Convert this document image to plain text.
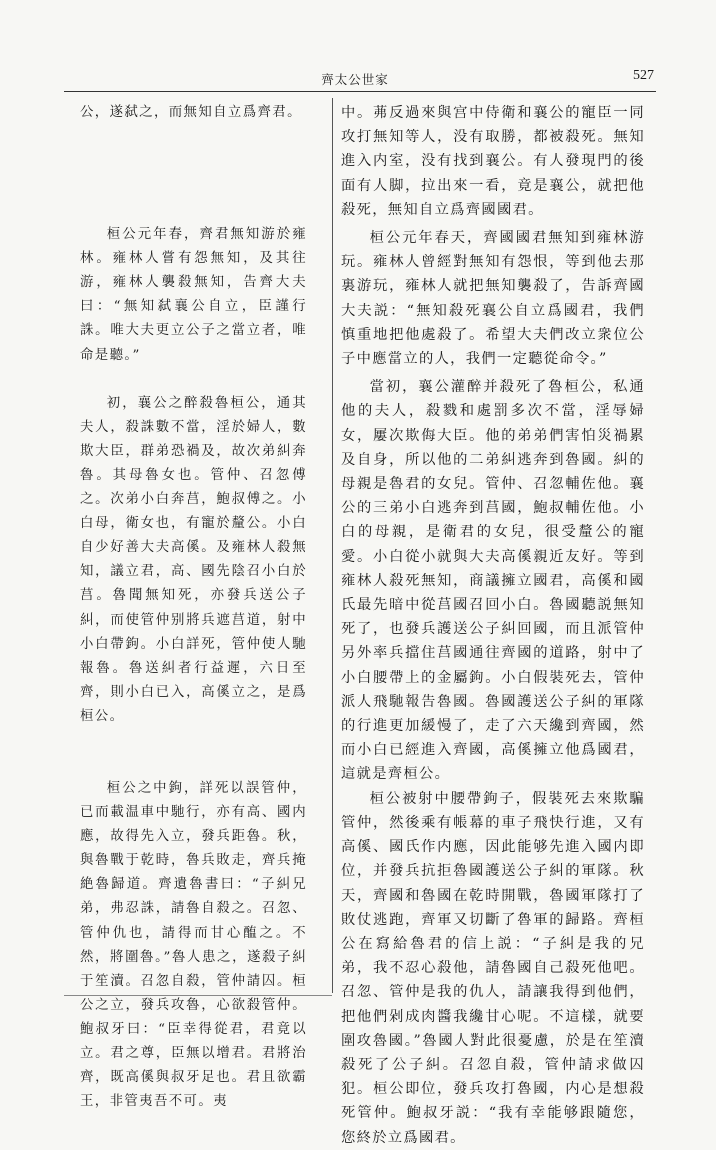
齊太公世家	527

公，遂弑之，而無知自立爲齊君。

桓公元年春，齊君無知游於雍林。雍林人嘗有怨無知，及其往游，雍林人襲殺無知，告齊大夫曰：“無知弑襄公自立，臣謹行誅。唯大夫更立公子之當立者，唯命是聽。”

初，襄公之醉殺魯桓公，通其夫人，殺誅數不當，淫於婦人，數欺大臣，群弟恐禍及，故次弟糾奔魯。其母魯女也。管仲、召忽傅之。次弟小白奔莒，鮑叔傅之。小白母，衛女也，有寵於釐公。小白自少好善大夫高傒。及雍林人殺無知，議立君，高、國先陰召小白於莒。魯聞無知死，亦發兵送公子糾，而使管仲别將兵遮莒道，射中小白帶鉤。小白詳死，管仲使人馳報魯。魯送糾者行益遲，六日至齊，則小白已入，高傒立之，是爲桓公。

桓公之中鉤，詳死以誤管仲，已而載温車中馳行，亦有高、國内應，故得先入立，發兵距魯。秋，與魯戰于乾時，魯兵敗走，齊兵掩絶魯歸道。齊遺魯書曰：“子糾兄弟，弗忍誅，請魯自殺之。召忽、管仲仇也，請得而甘心醢之。不然，將圍魯。”魯人患之，遂殺子糾于笙瀆。召忽自殺，管仲請囚。桓公之立，發兵攻魯，心欲殺管仲。鮑叔牙曰：“臣幸得從君，君竟以立。君之尊，臣無以增君。君將治齊，既高傒與叔牙足也。君且欲霸王，非管夷吾不可。夷

中。茀反過來與宫中侍衛和襄公的寵臣一同攻打無知等人，没有取勝，都被殺死。無知進入内室，没有找到襄公。有人發現門的後面有人脚，拉出來一看，竟是襄公，就把他殺死，無知自立爲齊國國君。

桓公元年春天，齊國國君無知到雍林游玩。雍林人曾經對無知有怨恨，等到他去那裏游玩，雍林人就把無知襲殺了，告訴齊國大夫説：“無知殺死襄公自立爲國君，我們慎重地把他處殺了。希望大夫們改立衆位公子中應當立的人，我們一定聽從命令。”

當初，襄公灌醉并殺死了魯桓公，私通他的夫人，殺戮和處罰多次不當，淫辱婦女，屢次欺侮大臣。他的弟弟們害怕災禍累及自身，所以他的二弟糾逃奔到魯國。糾的母親是魯君的女兒。管仲、召忽輔佐他。襄公的三弟小白逃奔到莒國，鮑叔輔佐他。小白的母親，是衛君的女兒，很受釐公的寵愛。小白從小就與大夫高傒親近友好。等到雍林人殺死無知，商議擁立國君，高傒和國氏最先暗中從莒國召回小白。魯國聽説無知死了，也發兵護送公子糾回國，而且派管仲另外率兵擋住莒國通往齊國的道路，射中了小白腰帶上的金屬鉤。小白假裝死去，管仲派人飛馳報告魯國。魯國護送公子糾的軍隊的行進更加緩慢了，走了六天纔到齊國，然而小白已經進入齊國，高傒擁立他爲國君，這就是齊桓公。

桓公被射中腰帶鉤子，假裝死去來欺騙管仲，然後乘有帳幕的車子飛快行進，又有高傒、國氏作内應，因此能够先進入國内即位，并發兵抗拒魯國護送公子糾的軍隊。秋天，齊國和魯國在乾時開戰，魯國軍隊打了敗仗逃跑，齊軍又切斷了魯軍的歸路。齊桓公在寫給魯君的信上説：“子糾是我的兄弟，我不忍心殺他，請魯國自己殺死他吧。召忽、管仲是我的仇人，請讓我得到他們，把他們剁成肉醬我纔甘心呢。不這樣，就要圍攻魯國。”魯國人對此很憂慮，於是在笙瀆殺死了公子糾。召忽自殺，管仲請求做囚犯。桓公即位，發兵攻打魯國，内心是想殺死管仲。鮑叔牙説：“我有幸能够跟隨您，您終於立爲國君。
